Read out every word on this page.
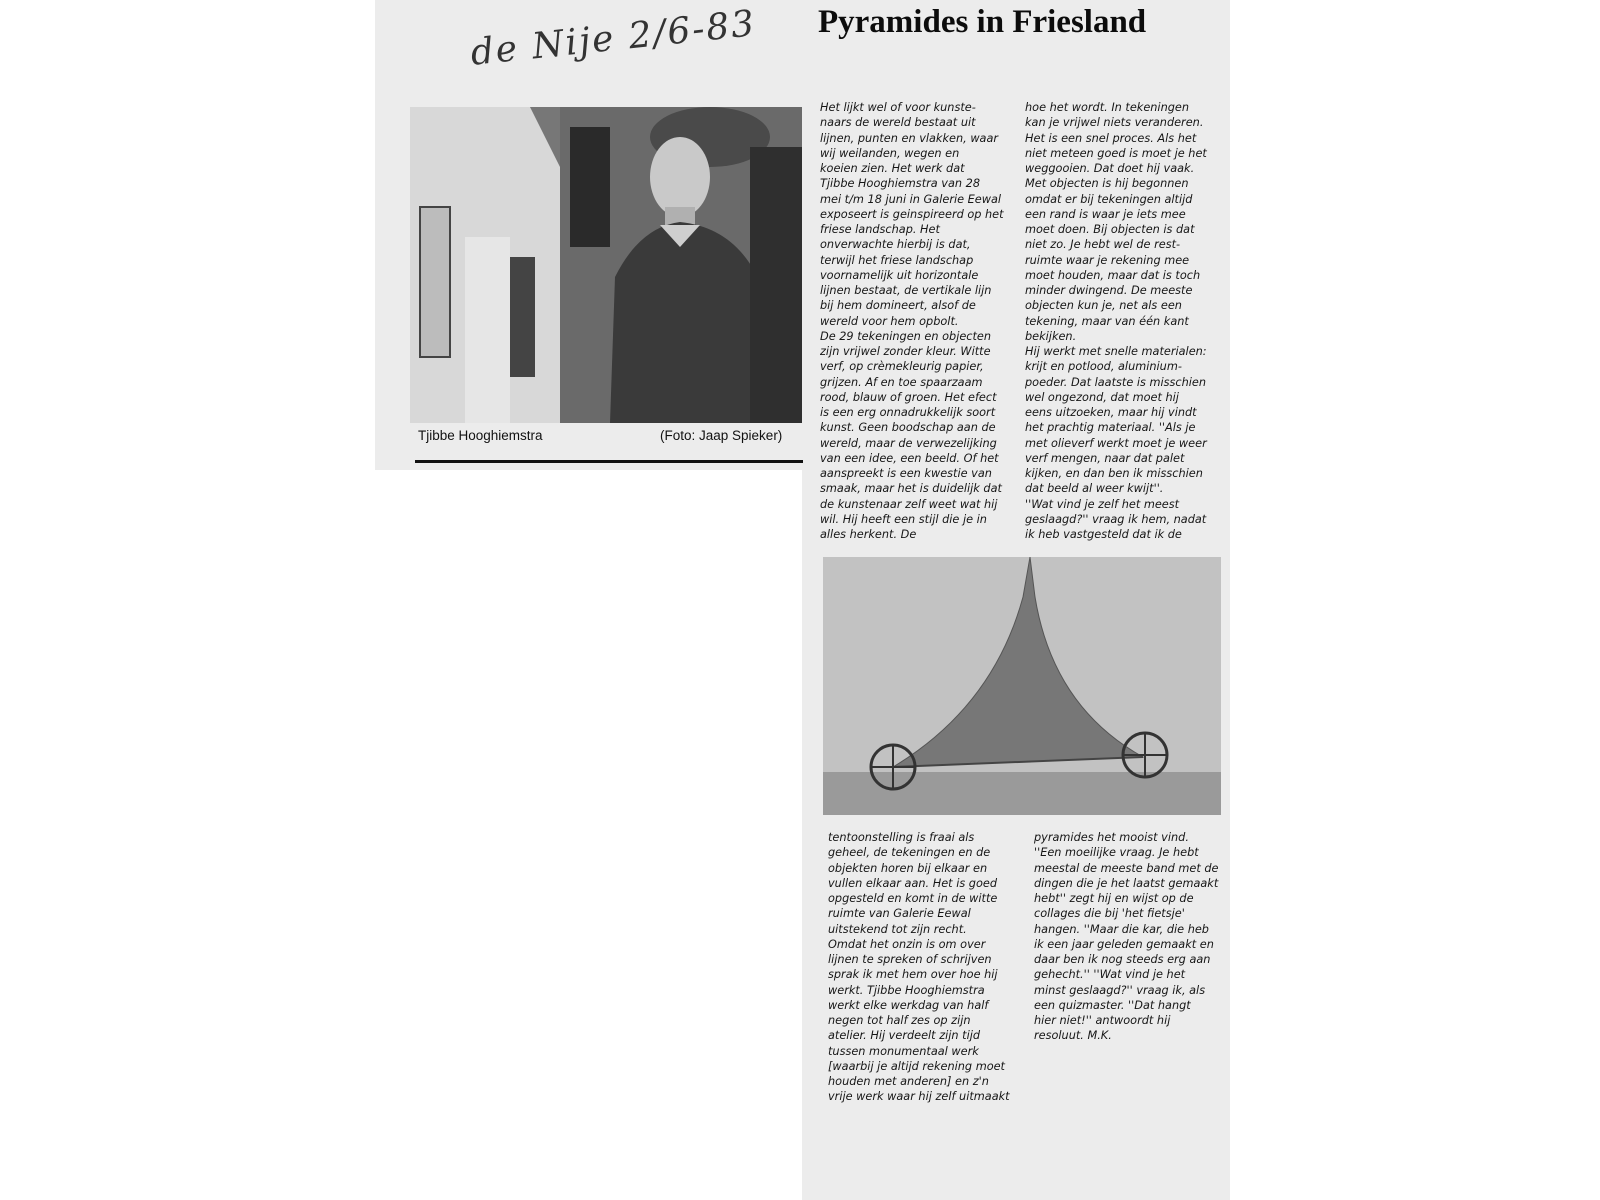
de Nije 2/6-83 Pyramides in Friesland
Tjibbe Hooghiemstra	(Foto: Jaap Spieker)
Het lijkt wel of voor kunste-
naars de wereld bestaat uit
lijnen, punten en vlakken, waar
wij weilanden, wegen en
koeien zien. Het werk dat
Tjibbe Hooghiemstra van 28
mei t/m 18 juni in Galerie Eewal
exposeert is geinspireerd op het
friese landschap. Het
onverwachte hierbij is dat,
terwijl het friese landschap
voornamelijk uit horizontale
lijnen bestaat, de vertikale lijn
bij hem domineert, alsof de
wereld voor hem opbolt.
De 29 tekeningen en objecten
zijn vrijwel zonder kleur. Witte
verf, op crèmekleurig papier,
grijzen. Af en toe spaarzaam
rood, blauw of groen. Het efect
is een erg onnadrukkelijk soort
kunst. Geen boodschap aan de
wereld, maar de verwezelijking
van een idee, een beeld. Of het
aanspreekt is een kwestie van
smaak, maar het is duidelijk dat
de kunstenaar zelf weet wat hij
wil. Hij heeft een stijl die je in
alles herkent. De
hoe het wordt. In tekeningen
kan je vrijwel niets veranderen.
Het is een snel proces. Als het
niet meteen goed is moet je het
weggooien. Dat doet hij vaak.
Met objecten is hij begonnen
omdat er bij tekeningen altijd
een rand is waar je iets mee
moet doen. Bij objecten is dat
niet zo. Je hebt wel de rest-
ruimte waar je rekening mee
moet houden, maar dat is toch
minder dwingend. De meeste
objecten kun je, net als een
tekening, maar van één kant
bekijken.
Hij werkt met snelle materialen:
krijt en potlood, aluminium-
poeder. Dat laatste is misschien
wel ongezond, dat moet hij
eens uitzoeken, maar hij vindt
het prachtig materiaal. ''Als je
met olieverf werkt moet je weer
verf mengen, naar dat palet
kijken, en dan ben ik misschien
dat beeld al weer kwijt''.
''Wat vind je zelf het meest
geslaagd?'' vraag ik hem, nadat
ik heb vastgesteld dat ik de
tentoonstelling is fraai als
geheel, de tekeningen en de
objekten horen bij elkaar en
vullen elkaar aan. Het is goed
opgesteld en komt in de witte
ruimte van Galerie Eewal
uitstekend tot zijn recht.
Omdat het onzin is om over
lijnen te spreken of schrijven
sprak ik met hem over hoe hij
werkt. Tjibbe Hooghiemstra
werkt elke werkdag van half
negen tot half zes op zijn
atelier. Hij verdeelt zijn tijd
tussen monumentaal werk
[waarbij je altijd rekening moet
houden met anderen] en z'n
vrije werk waar hij zelf uitmaakt
pyramides het mooist vind.
''Een moeilijke vraag. Je hebt
meestal de meeste band met de
dingen die je het laatst gemaakt
hebt'' zegt hij en wijst op de
collages die bij 'het fietsje'
hangen. ''Maar die kar, die heb
ik een jaar geleden gemaakt en
daar ben ik nog steeds erg aan
gehecht.'' ''Wat vind je het
minst geslaagd?'' vraag ik, als
een quizmaster. ''Dat hangt
hier niet!'' antwoordt hij
resoluut. M.K.
